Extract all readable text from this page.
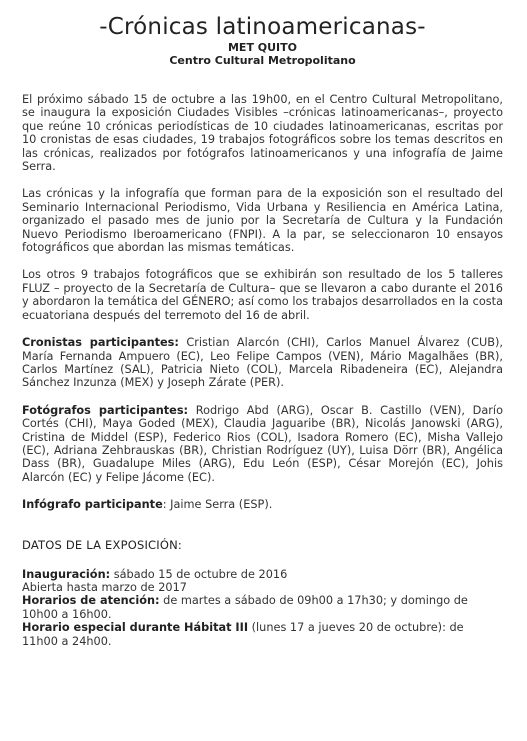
-Crónicas latinoamericanas-
MET QUITO
Centro Cultural Metropolitano

El próximo sábado 15 de octubre a las 19h00, en el Centro Cultural Metropolitano, se inaugura la exposición Ciudades Visibles –crónicas latinoamericanas–, proyecto que reúne 10 crónicas periodísticas de 10 ciudades latinoamericanas, escritas por 10 cronistas de esas ciudades, 19 trabajos fotográficos sobre los temas descritos en las crónicas, realizados por fotógrafos latinoamericanos y una infografía de Jaime Serra.

Las crónicas y la infografía que forman para de la exposición son el resultado del Seminario Internacional Periodismo, Vida Urbana y Resiliencia en América Latina, organizado el pasado mes de junio por la Secretaría de Cultura y la Fundación Nuevo Periodismo Iberoamericano (FNPI). A la par, se seleccionaron 10 ensayos fotográficos que abordan las mismas temáticas.

Los otros 9 trabajos fotográficos que se exhibirán son resultado de los 5 talleres FLUZ – proyecto de la Secretaría de Cultura– que se llevaron a cabo durante el 2016 y abordaron la temática del GÉNERO; así como los trabajos desarrollados en la costa ecuatoriana después del terremoto del 16 de abril.

Cronistas participantes: Cristian Alarcón (CHI), Carlos Manuel Álvarez (CUB), María Fernanda Ampuero (EC), Leo Felipe Campos (VEN), Mário Magalhães (BR), Carlos Martínez (SAL), Patricia Nieto (COL), Marcela Ribadeneira (EC), Alejandra Sánchez Inzunza (MEX) y Joseph Zárate (PER).

Fotógrafos participantes: Rodrigo Abd (ARG), Oscar B. Castillo (VEN), Darío Cortés (CHI), Maya Goded (MEX), Claudia Jaguaribe (BR), Nicolás Janowski (ARG), Cristina de Middel (ESP), Federico Rios (COL), Isadora Romero (EC), Misha Vallejo (EC), Adriana Zehbrauskas (BR), Christian Rodríguez (UY), Luisa Dörr (BR), Angélica Dass (BR), Guadalupe Miles (ARG), Edu León (ESP), César Morejón (EC), Johis Alarcón (EC) y Felipe Jácome (EC).

Infógrafo participante: Jaime Serra (ESP).

DATOS DE LA EXPOSICIÓN:

Inauguración: sábado 15 de octubre de 2016

Abierta hasta marzo de 2017

Horarios de atención: de martes a sábado de 09h00 a 17h30; y domingo de 10h00 a 16h00.

Horario especial durante Hábitat III (lunes 17 a jueves 20 de octubre): de 11h00 a 24h00.
